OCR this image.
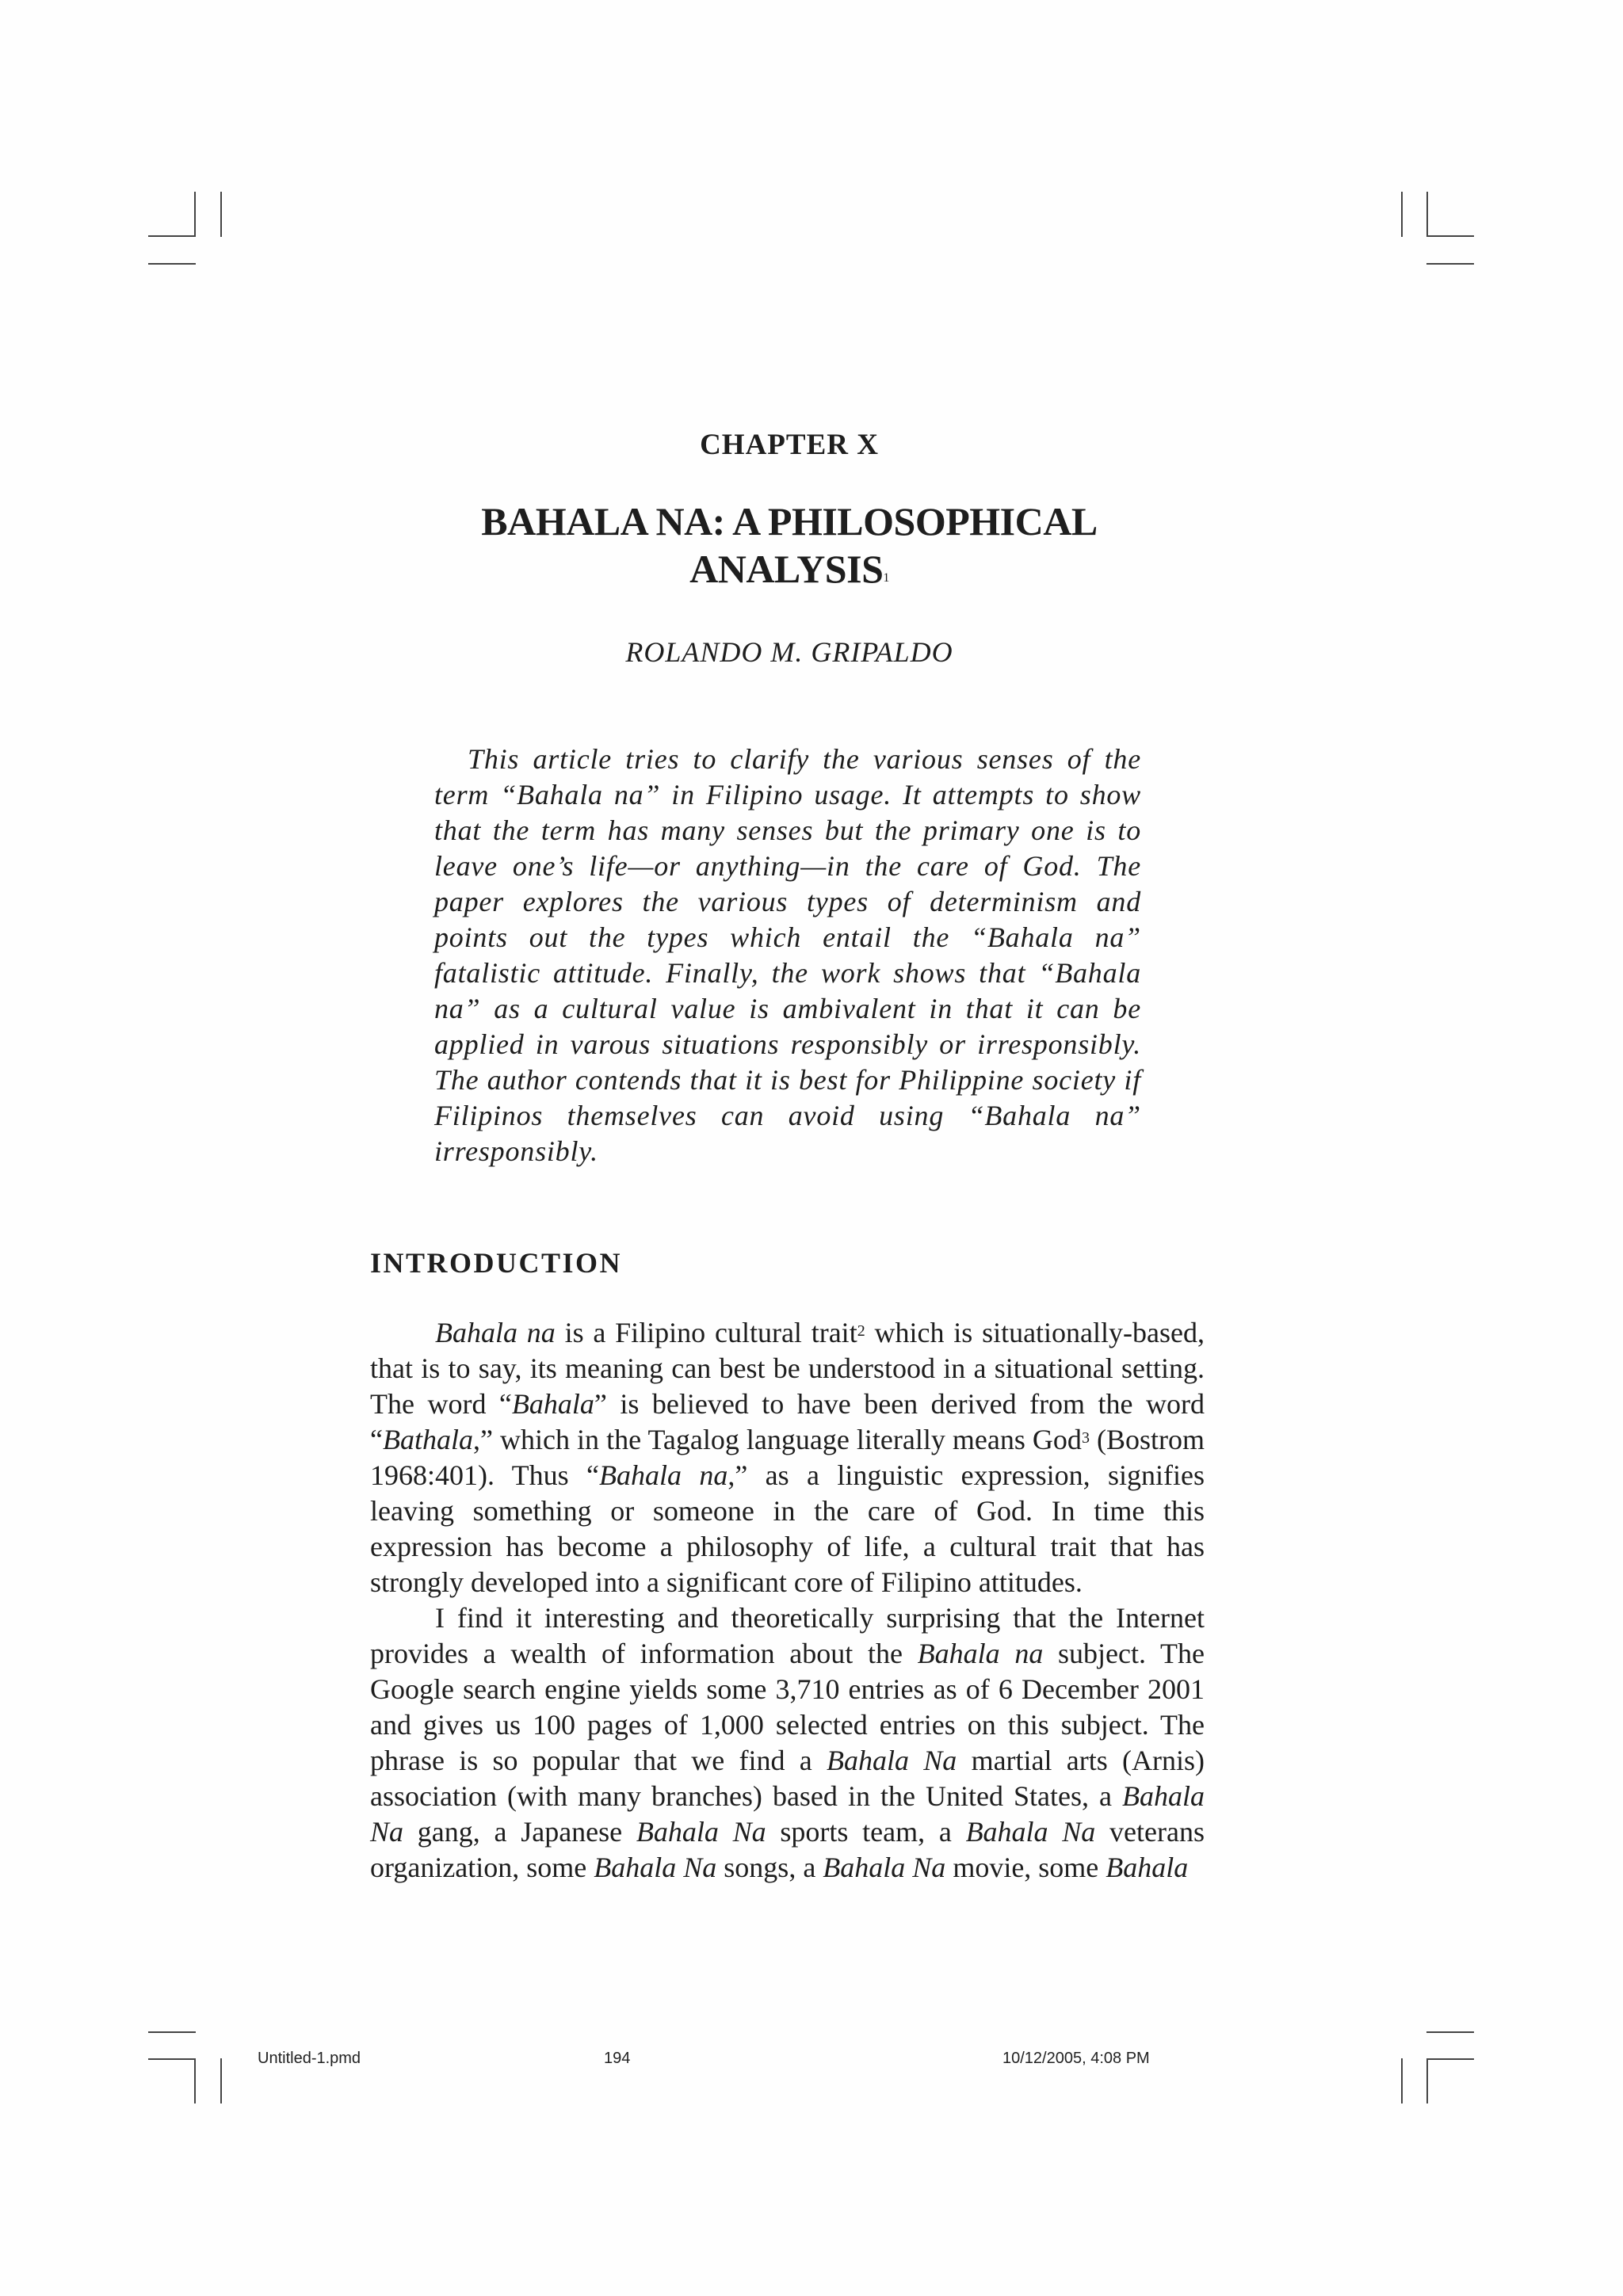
CHAPTER X
BAHALA NA: A PHILOSOPHICAL
ANALYSIS$^1$
ROLANDO M. GRIPALDO

This article tries to clarify the various senses of the term “Bahala na” in Filipino usage. It attempts to show that the term has many senses but the primary one is to leave one’s life—or anything—in the care of God. The paper explores the various types of determinism and points out the types which entail the “Bahala na” fatalistic attitude. Finally, the work shows that “Bahala na” as a cultural value is ambivalent in that it can be applied in varous situations responsibly or irresponsibly. The author contends that it is best for Philippine society if Filipinos themselves can avoid using “Bahala na” irresponsibly.

INTRODUCTION

Bahala na is a Filipino cultural trait$^2$ which is situationally-based, that is to say, its meaning can best be understood in a situational setting. The word “Bahala” is believed to have been derived from the word “Bathala,” which in the Tagalog language literally means God$^3$ (Bostrom 1968:401). Thus “Bahala na,” as a linguistic expression, signifies leaving something or someone in the care of God. In time this expression has become a philosophy of life, a cultural trait that has strongly developed into a significant core of Filipino attitudes.

I find it interesting and theoretically surprising that the Internet provides a wealth of information about the Bahala na subject. The Google search engine yields some 3,710 entries as of 6 December 2001 and gives us 100 pages of 1,000 selected entries on this subject. The phrase is so popular that we find a Bahala Na martial arts (Arnis) association (with many branches) based in the United States, a Bahala Na gang, a Japanese Bahala Na sports team, a Bahala Na veterans organization, some Bahala Na songs, a Bahala Na movie, some Bahala

Untitled-1.pmd	194	10/12/2005, 4:08 PM
